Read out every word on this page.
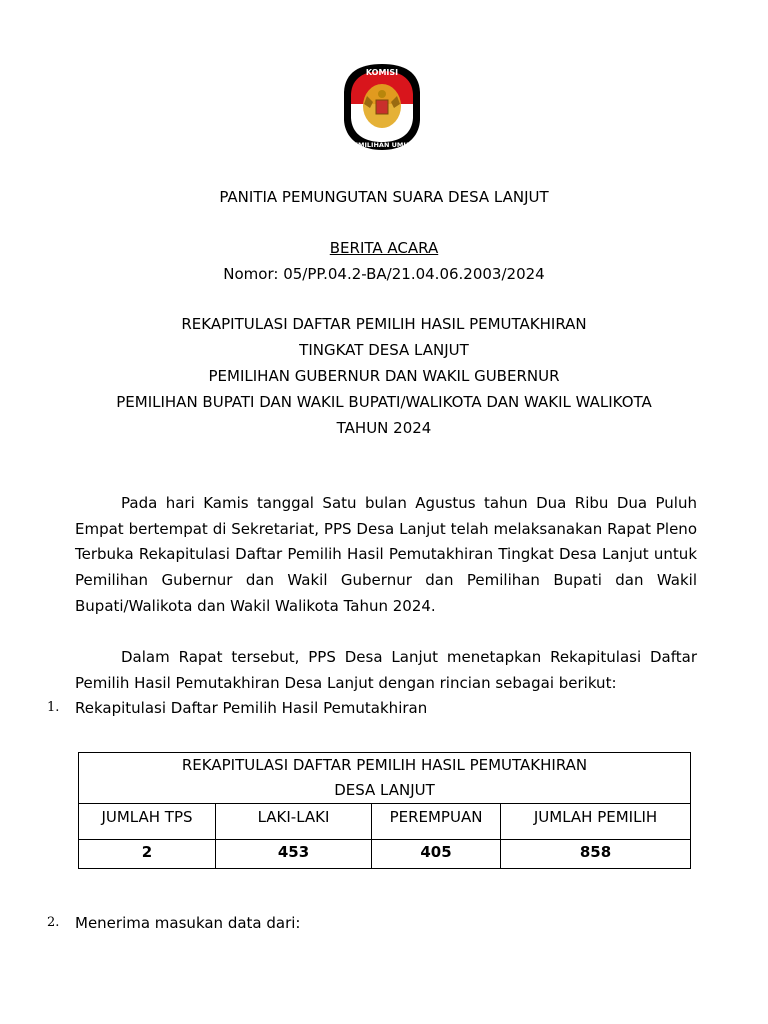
KOMISI
PEMILIHAN UMUM
PANITIA PEMUNGUTAN SUARA DESA LANJUT
BERITA ACARA
Nomor: 05/PP.04.2-BA/21.04.06.2003/2024
REKAPITULASI DAFTAR PEMILIH HASIL PEMUTAKHIRAN
TINGKAT DESA LANJUT
PEMILIHAN GUBERNUR DAN WAKIL GUBERNUR
PEMILIHAN BUPATI DAN WAKIL BUPATI/WALIKOTA DAN WAKIL WALIKOTA
TAHUN 2024
Pada hari Kamis tanggal Satu bulan Agustus tahun Dua Ribu Dua Puluh Empat bertempat di Sekretariat, PPS Desa Lanjut telah melaksanakan Rapat Pleno Terbuka Rekapitulasi Daftar Pemilih Hasil Pemutakhiran Tingkat Desa Lanjut untuk Pemilihan Gubernur dan Wakil Gubernur dan Pemilihan Bupati dan Wakil Bupati/Walikota dan Wakil Walikota Tahun 2024.
Dalam Rapat tersebut, PPS Desa Lanjut menetapkan Rekapitulasi Daftar Pemilih Hasil Pemutakhiran Desa Lanjut dengan rincian sebagai berikut:
1. Rekapitulasi Daftar Pemilih Hasil Pemutakhiran
REKAPITULASI DAFTAR PEMILIH HASIL PEMUTAKHIRAN
DESA LANJUT			

JUMLAH TPS	LAKI-LAKI	PEREMPUAN	JUMLAH PEMILIH
2	453	405	858
2. Menerima masukan data dari:
